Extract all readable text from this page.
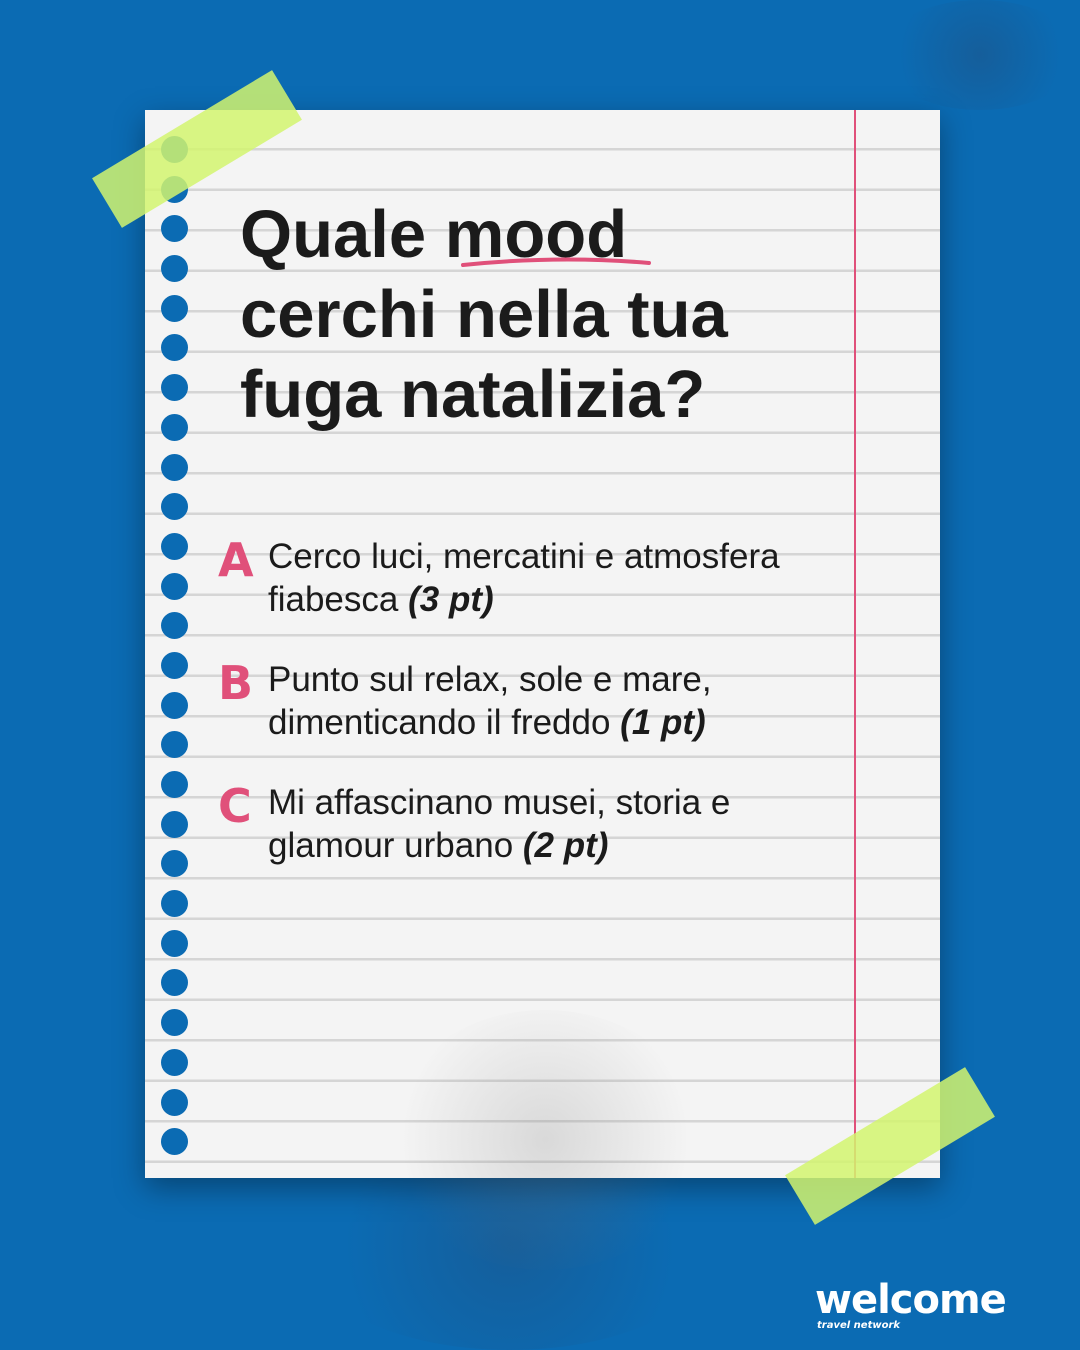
Quale mood
cerchi nella tua fuga natalizia?
A Cerco luci, mercatini e atmosfera fiabesca (3 pt)
B Punto sul relax, sole e mare, dimenticando il freddo (1 pt)
C Mi affascinano musei, storia e glamour urbano (2 pt)
welcome
travel network
